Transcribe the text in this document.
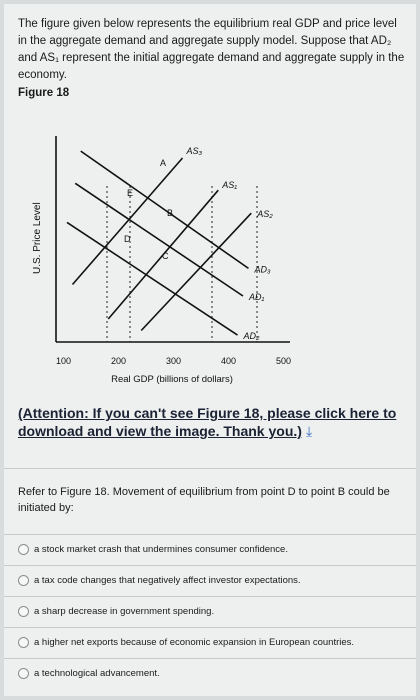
The figure given below represents the equilibrium real GDP and price level in the aggregate demand and aggregate supply model. Suppose that AD₂ and AS₁ represent the initial aggregate demand and aggregate supply in the economy.
Figure 18
U.S. Price Level
Real GDP (billions of dollars)
100	200	300	400	500
AS₃
AS₁
AS₂
AD₃
AD₁
AD₂
A
B
C
D
E
(Attention: If you can't see Figure 18, please click here to download and view the image. Thank you.) ⤓
Refer to Figure 18. Movement of equilibrium from point D to point B could be initiated by:
a stock market crash that undermines consumer confidence.
a tax code changes that negatively affect investor expectations.
a sharp decrease in government spending.
a higher net exports because of economic expansion in European countries.
a technological advancement.
